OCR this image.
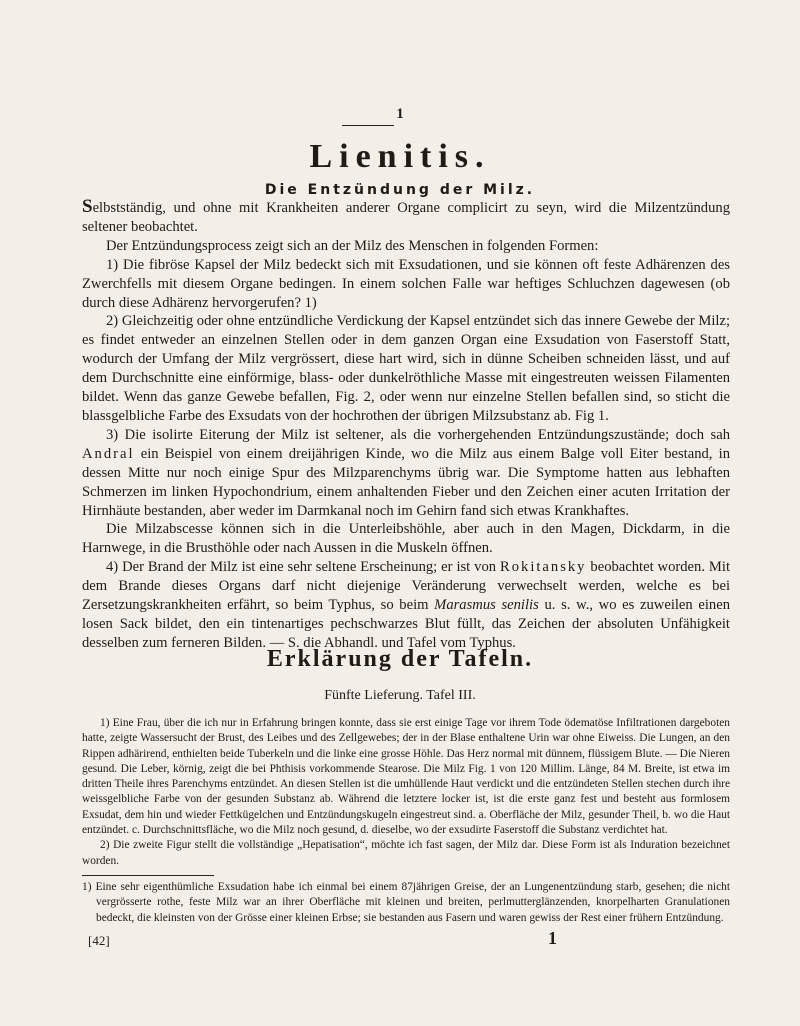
1
Lienitis.
Die Entzündung der Milz.

Selbstständig, und ohne mit Krankheiten anderer Organe complicirt zu seyn, wird die Milzentzündung seltener beobachtet.

Der Entzündungsprocess zeigt sich an der Milz des Menschen in folgenden Formen:

1) Die fibröse Kapsel der Milz bedeckt sich mit Exsudationen, und sie können oft feste Adhärenzen des Zwerchfells mit diesem Organe bedingen. In einem solchen Falle war heftiges Schluchzen dagewesen (ob durch diese Adhärenz hervorgerufen? 1)

2) Gleichzeitig oder ohne entzündliche Verdickung der Kapsel entzündet sich das innere Gewebe der Milz; es findet entweder an einzelnen Stellen oder in dem ganzen Organ eine Exsudation von Faserstoff Statt, wodurch der Umfang der Milz vergrössert, diese hart wird, sich in dünne Scheiben schneiden lässt, und auf dem Durchschnitte eine einförmige, blass- oder dunkelröthliche Masse mit eingestreuten weissen Filamenten bildet. Wenn das ganze Gewebe befallen, Fig. 2, oder wenn nur einzelne Stellen befallen sind, so sticht die blassgelbliche Farbe des Exsudats von der hochrothen der übrigen Milzsubstanz ab. Fig 1.

3) Die isolirte Eiterung der Milz ist seltener, als die vorhergehenden Entzündungszustände; doch sah Andral ein Beispiel von einem dreijährigen Kinde, wo die Milz aus einem Balge voll Eiter bestand, in dessen Mitte nur noch einige Spur des Milzparenchyms übrig war. Die Symptome hatten aus lebhaften Schmerzen im linken Hypochondrium, einem anhaltenden Fieber und den Zeichen einer acuten Irritation der Hirnhäute bestanden, aber weder im Darmkanal noch im Gehirn fand sich etwas Krankhaftes.

Die Milzabscesse können sich in die Unterleibshöhle, aber auch in den Magen, Dickdarm, in die Harnwege, in die Brusthöhle oder nach Aussen in die Muskeln öffnen.

4) Der Brand der Milz ist eine sehr seltene Erscheinung; er ist von Rokitansky beobachtet worden. Mit dem Brande dieses Organs darf nicht diejenige Veränderung verwechselt werden, welche es bei Zersetzungskrankheiten erfährt, so beim Typhus, so beim Marasmus senilis u. s. w., wo es zuweilen einen losen Sack bildet, den ein tintenartiges pechschwarzes Blut füllt, das Zeichen der absoluten Unfähigkeit desselben zum ferneren Bilden. — S. die Abhandl. und Tafel vom Typhus.

Erklärung der Tafeln.
Fünfte Lieferung. Tafel III.

1) Eine Frau, über die ich nur in Erfahrung bringen konnte, dass sie erst einige Tage vor ihrem Tode ödematöse Infiltrationen dargeboten hatte, zeigte Wassersucht der Brust, des Leibes und des Zellgewebes; der in der Blase enthaltene Urin war ohne Eiweiss. Die Lungen, an den Rippen adhärirend, enthielten beide Tuberkeln und die linke eine grosse Höhle. Das Herz normal mit dünnem, flüssigem Blute. — Die Nieren gesund. Die Leber, körnig, zeigt die bei Phthisis vorkommende Stearose. Die Milz Fig. 1 von 120 Millim. Länge, 84 M. Breite, ist etwa im dritten Theile ihres Parenchyms entzündet. An diesen Stellen ist die umhüllende Haut verdickt und die entzündeten Stellen stechen durch ihre weissgelbliche Farbe von der gesunden Substanz ab. Während die letztere locker ist, ist die erste ganz fest und besteht aus formlosem Exsudat, dem hin und wieder Fettkügelchen und Entzündungskugeln eingestreut sind. a. Oberfläche der Milz, gesunder Theil, b. wo die Haut entzündet. c. Durchschnittsfläche, wo die Milz noch gesund, d. dieselbe, wo der exsudirte Faserstoff die Substanz verdichtet hat.

2) Die zweite Figur stellt die vollständige „Hepatisation“, möchte ich fast sagen, der Milz dar. Diese Form ist als Induration bezeichnet worden.

1) Eine sehr eigenthümliche Exsudation habe ich einmal bei einem 87jährigen Greise, der an Lungenentzündung starb, gesehen; die nicht vergrösserte rothe, feste Milz war an ihrer Oberfläche mit kleinen und breiten, perlmutterglänzenden, knorpelharten Granulationen bedeckt, die kleinsten von der Grösse einer kleinen Erbse; sie bestanden aus Fasern und waren gewiss der Rest einer frühern Entzündung.

[42]	1
